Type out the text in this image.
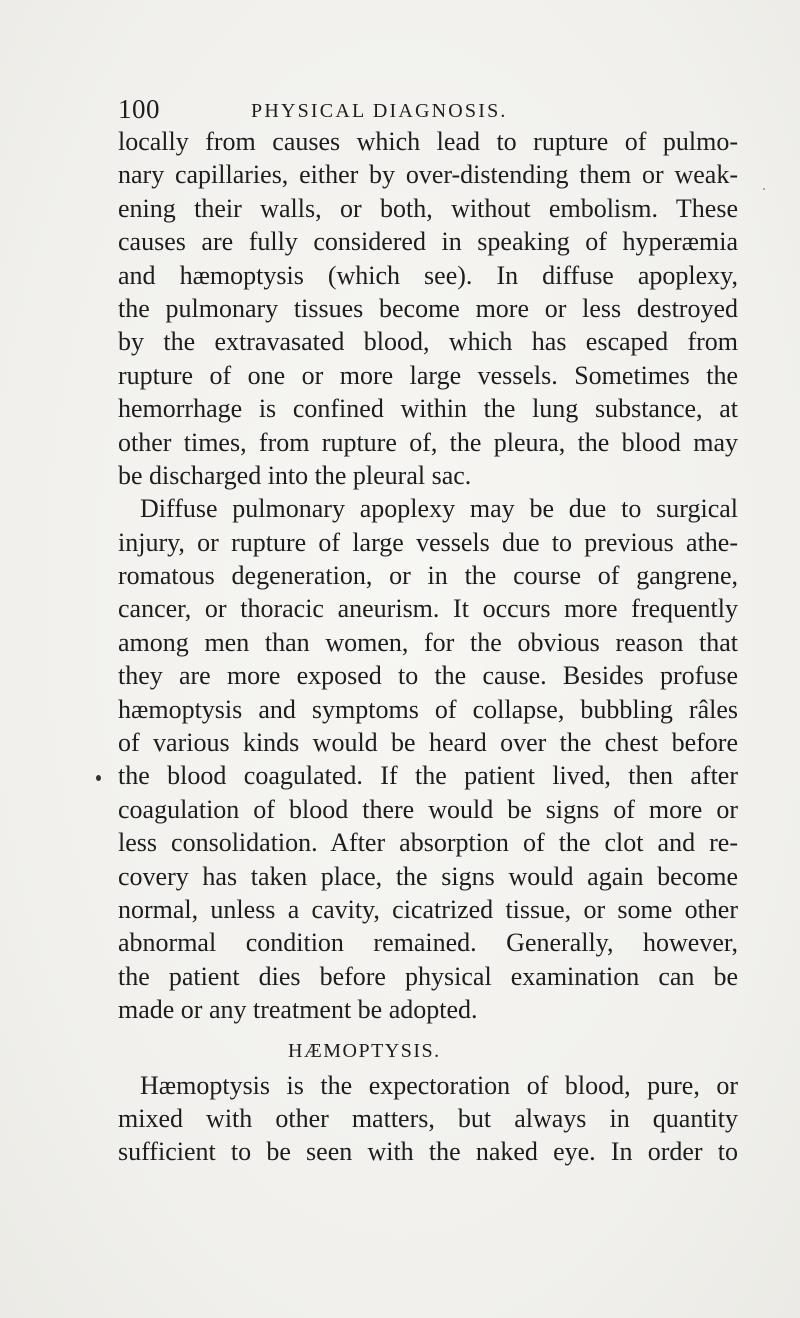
100	PHYSICAL DIAGNOSIS.
locally from causes which lead to rupture of pulmo-
nary capillaries, either by over-distending them or weak-
ening their walls, or both, without embolism. These
causes are fully considered in speaking of hyperæmia
and hæmoptysis (which see). In diffuse apoplexy,
the pulmonary tissues become more or less destroyed
by the extravasated blood, which has escaped from
rupture of one or more large vessels. Sometimes the
hemorrhage is confined within the lung substance, at
other times, from rupture of, the pleura, the blood may
be discharged into the pleural sac.
Diffuse pulmonary apoplexy may be due to surgical
injury, or rupture of large vessels due to previous athe-
romatous degeneration, or in the course of gangrene,
cancer, or thoracic aneurism. It occurs more frequently
among men than women, for the obvious reason that
they are more exposed to the cause. Besides profuse
hæmoptysis and symptoms of collapse, bubbling râles
of various kinds would be heard over the chest before
the blood coagulated. If the patient lived, then after
coagulation of blood there would be signs of more or
less consolidation. After absorption of the clot and re-
covery has taken place, the signs would again become
normal, unless a cavity, cicatrized tissue, or some other
abnormal condition remained. Generally, however,
the patient dies before physical examination can be
made or any treatment be adopted.
HÆMOPTYSIS.
Hæmoptysis is the expectoration of blood, pure, or
mixed with other matters, but always in quantity
sufficient to be seen with the naked eye. In order to
